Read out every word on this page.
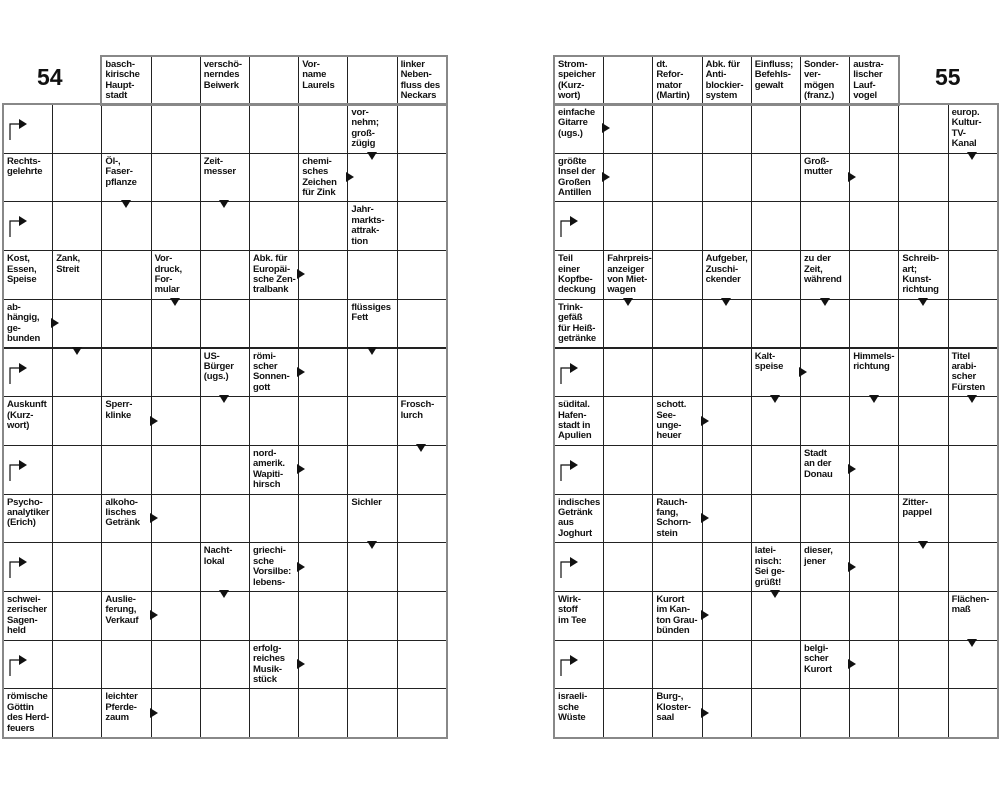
54	basch-
kirische
Haupt-
stadt
verschö-
nerndes
Beiwerk
Vor-
name
Laurels
linker
Neben-
fluss des
Neckars
vor-
nehm;
groß-
zügig
Rechts-
gelehrte
Öl-,
Faser-
pflanze
Zeit-
messer
chemi-
sches
Zeichen
für Zink
Jahr-
markts-
attrak-
tion
Kost,
Essen,
Speise
Zank,
Streit
Vor-
druck,
For-
mular
Abk. für
Europäi-
sche Zen-
tralbank
ab-
hängig,
ge-
bunden
flüssiges
Fett
US-
Bürger
(ugs.)
römi-
scher
Sonnen-
gott
Auskunft
(Kurz-
wort)
Sperr-
klinke
Frosch-
lurch
nord-
amerik.
Wapiti-
hirsch
Psycho-
analytiker
(Erich)
alkoho-
lisches
Getränk
Sichler
Nacht-
lokal
griechi-
sche
Vorsilbe:
lebens-
schwei-
zerischer
Sagen-
held
Auslie-
ferung,
Verkauf
erfolg-
reiches
Musik-
stück
römische
Göttin
des Herd-
feuers
leichter
Pferde-
zaum
55
Strom-
speicher
(Kurz-
wort)
dt.
Refor-
mator
(Martin)
Abk. für
Anti-
blockier-
system
Einfluss;
Befehls-
gewalt
Sonder-
ver-
mögen
(franz.)
austra-
lischer
Lauf-
vogel
einfache
Gitarre
(ugs.)
europ.
Kultur-
TV-
Kanal
größte
Insel der
Großen
Antillen
Groß-
mutter
Teil
einer
Kopfbe-
deckung
Fahrpreis-
anzeiger
von Miet-
wagen
Aufgeber,
Zuschi-
ckender
zu der
Zeit,
während
Schreib-
art;
Kunst-
richtung
Trink-
gefäß
für Heiß-
getränke
Kalt-
speise
Himmels-
richtung
Titel
arabi-
scher
Fürsten
südital.
Hafen-
stadt in
Apulien
schott.
See-
unge-
heuer
Stadt
an der
Donau
indisches
Getränk
aus
Joghurt
Rauch-
fang,
Schorn-
stein
Zitter-
pappel
latei-
nisch:
Sei ge-
grüßt!
dieser,
jener
Wirk-
stoff
im Tee
Kurort
im Kan-
ton Grau-
bünden
Flächen-
maß
belgi-
scher
Kurort
israeli-
sche
Wüste
Burg-,
Kloster-
saal
